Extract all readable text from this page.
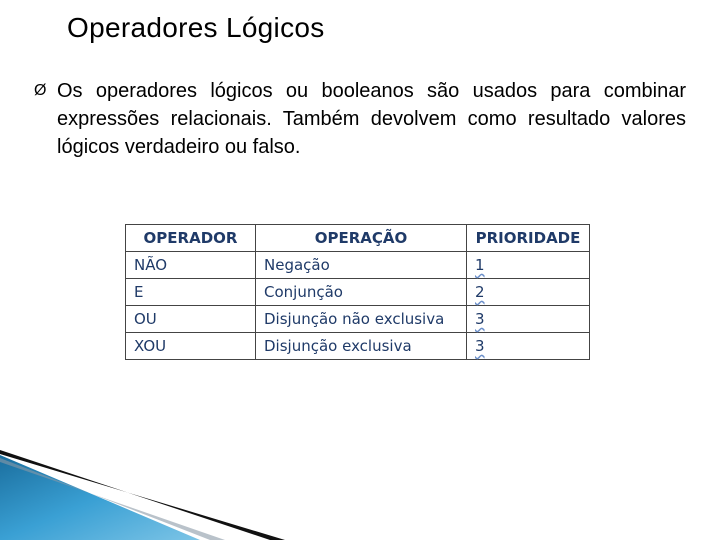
Operadores Lógicos
Ø Os operadores lógicos ou booleanos são usados para combinar expressões relacionais. Também devolvem como resultado valores lógicos verdadeiro ou falso.
OPERADOR	OPERAÇÃO	PRIORIDADE
NÃO	Negação	1
E	Conjunção	2
OU	Disjunção não exclusiva	3
XOU	Disjunção exclusiva	3
